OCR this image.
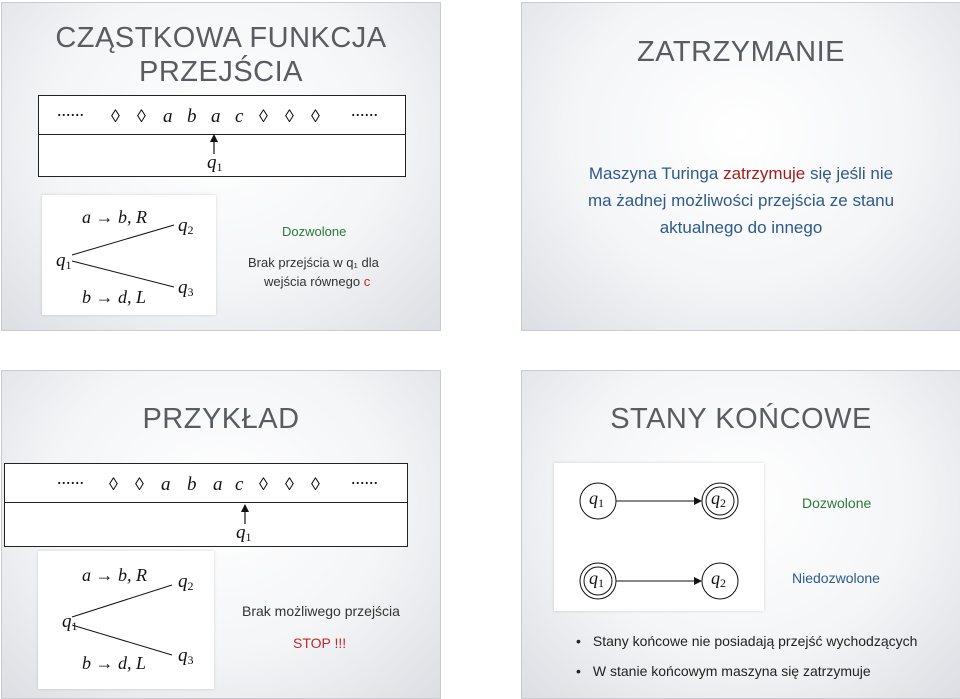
CZĄSTKOWA FUNKCJA PRZEJŚCIA
...... ◊ ◊ a b a c ◊ ◊ ◊ ......
$q_1$
a → b, R
b → d, L
$q_1$
$q_2$
$q_3$
Dozwolone
Brak przejścia w q₁ dla
wejścia równego c
ZATRZYMANIE
Maszyna Turinga zatrzymuje się jeśli nie
ma żadnej możliwości przejścia ze stanu
aktualnego do innego
PRZYKŁAD
...... ◊ ◊ a b a c ◊ ◊ ◊ ......
$q_1$
a → b, R
b → d, L
$q_1$
$q_2$
$q_3$
Brak możliwego przejścia
STOP !!!
STANY KOŃCOWE
$q_1$	$q_2$
$q_1$	$q_2$
Dozwolone
Niedozwolone
• Stany końcowe nie posiadają przejść wychodzących
• W stanie końcowym maszyna się zatrzymuje
